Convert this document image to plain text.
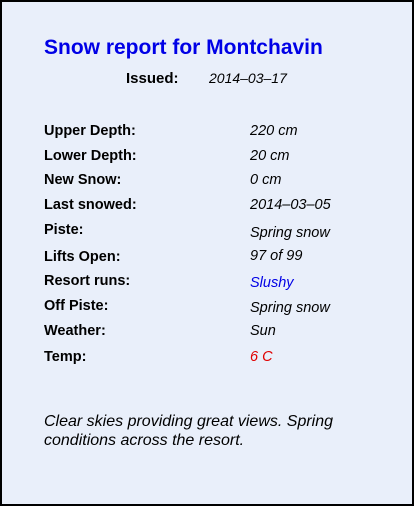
Snow report for Montchavin
Issued: 2014–03–17
Upper Depth:	220 cm
Lower Depth:	20 cm
New Snow:	0 cm
Last snowed:	2014–03–05
Piste:	Spring snow
Lifts Open:	97 of 99
Resort runs:	Slushy
Off Piste:	Spring snow
Weather:	Sun
Temp:	6 C
Clear skies providing great views. Spring conditions across the resort.
